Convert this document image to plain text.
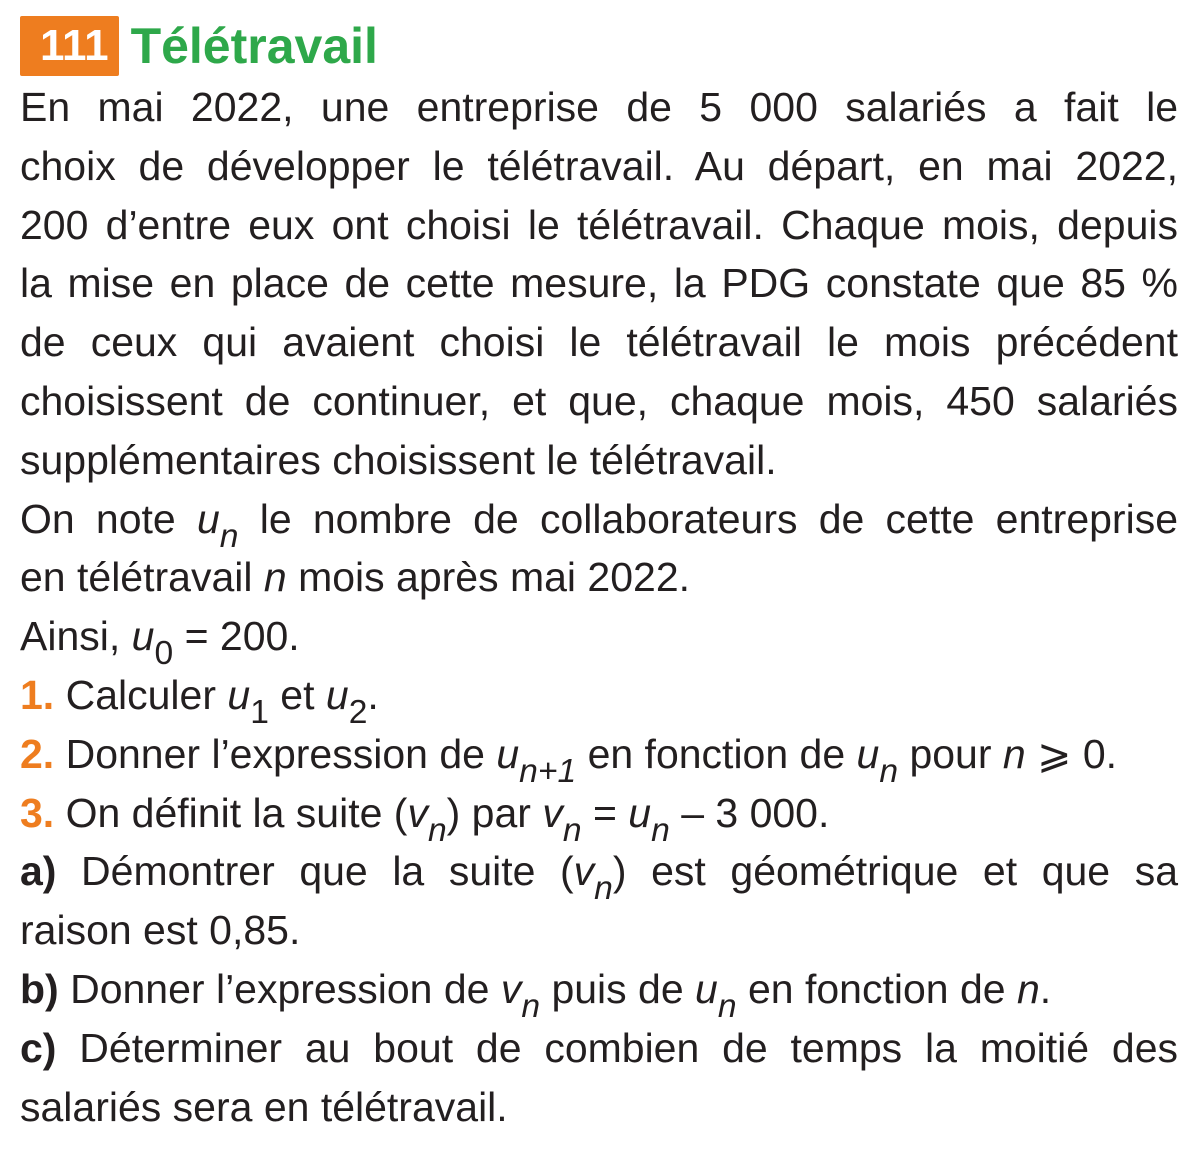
111 Télétravail
En mai 2022, une entreprise de 5 000 salariés a fait le
choix de développer le télétravail. Au départ, en mai 2022,
200 d’entre eux ont choisi le télétravail. Chaque mois, depuis
la mise en place de cette mesure, la PDG constate que 85 %
de ceux qui avaient choisi le télétravail le mois précédent
choisissent de continuer, et que, chaque mois, 450 salariés
supplémentaires choisissent le télétravail.
On note $u_n$ le nombre de collaborateurs de cette entreprise
en télétravail n mois après mai 2022.
Ainsi, $u_0 = 200$.
1. Calculer $u_1$ et $u_2$.
2. Donner l’expression de $u_{n+1}$ en fonction de $u_n$ pour n ⩾ 0.
3. On définit la suite $(v_n)$ par $v_n = u_n - 3$ 000.
a) Démontrer que la suite $(v_n)$ est géométrique et que sa
raison est 0,85.
b) Donner l’expression de $v_n$ puis de $u_n$ en fonction de n.
c) Déterminer au bout de combien de temps la moitié des
salariés sera en télétravail.
